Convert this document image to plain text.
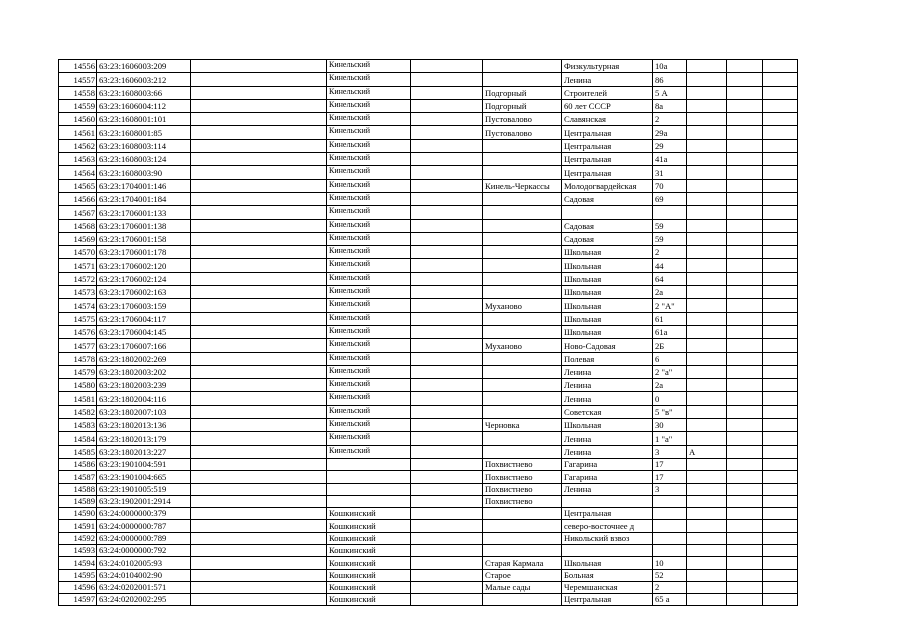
14556	63:23:1606003:209		Кинельский			Физкультурная	10а			
14557	63:23:1606003:212		Кинельский			Ленина	86			
14558	63:23:1608003:66		Кинельский		Подгорный	Строителей	5 А			
14559	63:23:1606004:112		Кинельский		Подгорный	60 лет СССР	8а			
14560	63:23:1608001:101		Кинельский		Пустовалово	Славянская	2			
14561	63:23:1608001:85		Кинельский		Пустовалово	Центральная	29а			
14562	63:23:1608003:114		Кинельский			Центральная	29			
14563	63:23:1608003:124		Кинельский			Центральная	41а			
14564	63:23:1608003:90		Кинельский			Центральная	31			
14565	63:23:1704001:146		Кинельский		Кинель-Черкассы	Молодогвардейская	70			
14566	63:23:1704001:184		Кинельский			Садовая	69			
14567	63:23:1706001:133		Кинельский							
14568	63:23:1706001:138		Кинельский			Садовая	59			
14569	63:23:1706001:158		Кинельский			Садовая	59			
14570	63:23:1706001:178		Кинельский			Школьная	2			
14571	63:23:1706002:120		Кинельский			Школьная	44			
14572	63:23:1706002:124		Кинельский			Школьная	64			
14573	63:23:1706002:163		Кинельский			Школьная	2а			
14574	63:23:1706003:159		Кинельский		Муханово	Школьная	2 "А"			
14575	63:23:1706004:117		Кинельский			Школьная	61			
14576	63:23:1706004:145		Кинельский			Школьная	61а			
14577	63:23:1706007:166		Кинельский		Муханово	Ново-Садовая	2Б			
14578	63:23:1802002:269		Кинельский			Полевая	6			
14579	63:23:1802003:202		Кинельский			Ленина	2 "а"			
14580	63:23:1802003:239		Кинельский			Ленина	2а			
14581	63:23:1802004:116		Кинельский			Ленина	0			
14582	63:23:1802007:103		Кинельский			Советская	5 "в"			
14583	63:23:1802013:136		Кинельский		Черновка	Школьная	30			
14584	63:23:1802013:179		Кинельский			Ленина	1 "а"			
14585	63:23:1802013:227		Кинельский			Ленина	3	А		
14586	63:23:1901004:591				Похвистнево	Гагарина	17			
14587	63:23:1901004:665				Похвистнево	Гагарина	17			
14588	63:23:1901005:519				Похвистнево	Ленина	3			
14589	63:23:1902001:2914				Похвистнево					
14590	63:24:0000000:379		Кошкинский			Центральная				
14591	63:24:0000000:787		Кошкинский			северо-восточнее д				
14592	63:24:0000000:789		Кошкинский			Никольский взвоз				
14593	63:24:0000000:792		Кошкинский							
14594	63:24:0102005:93		Кошкинский		Старая Кармала	Школьная	10			
14595	63:24:0104002:90		Кошкинский		Старое	Больная	52			
14596	63:24:0202001:571		Кошкинский		Малые сады	Черемшанская	2			
14597	63:24:0202002:295		Кошкинский			Центральная	65 а			
